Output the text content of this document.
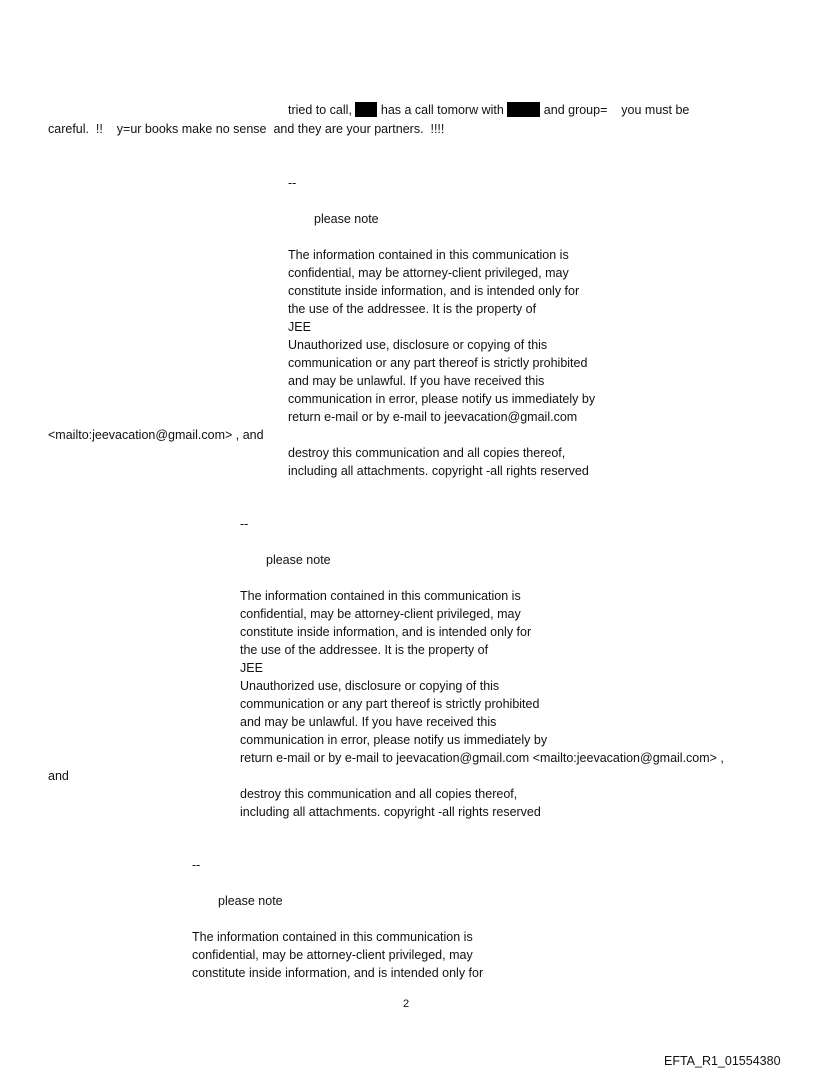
tried to call,  has a call tomorw with	and group=    you must be
careful.  !!    y=ur books make no sense  and they are your partners.  !!!!
--
please note
The information contained in this communication is
confidential, may be attorney-client privileged, may
constitute inside information, and is intended only for
the use of the addressee. It is the property of
JEE
Unauthorized use, disclosure or copying of this
communication or any part thereof is strictly prohibited
and may be unlawful. If you have received this
communication in error, please notify us immediately by
return e-mail or by e-mail to jeevacation@gmail.com
<mailto:jeevacation@gmail.com> , and
destroy this communication and all copies thereof,
including all attachments. copyright -all rights reserved
--
please note
The information contained in this communication is
confidential, may be attorney-client privileged, may
constitute inside information, and is intended only for
the use of the addressee. It is the property of
JEE
Unauthorized use, disclosure or copying of this
communication or any part thereof is strictly prohibited
and may be unlawful. If you have received this
communication in error, please notify us immediately by
return e-mail or by e-mail to jeevacation@gmail.com <mailto:jeevacation@gmail.com> ,
and
destroy this communication and all copies thereof,
including all attachments. copyright -all rights reserved
--
please note
The information contained in this communication is
confidential, may be attorney-client privileged, may
constitute inside information, and is intended only for
2
EFTA_R1_01554380
